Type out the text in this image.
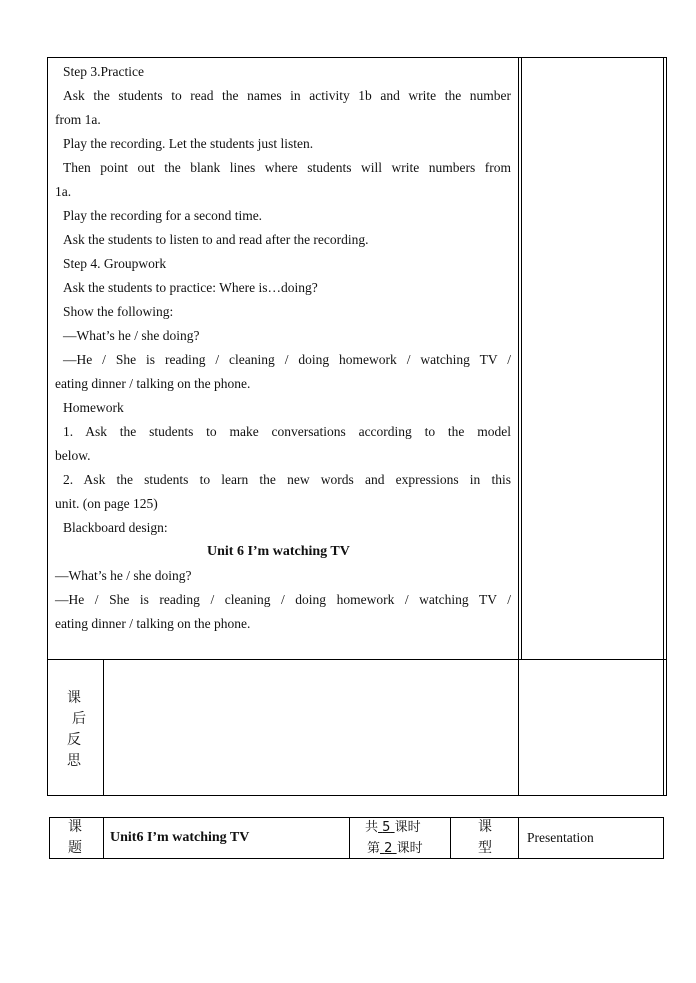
Step 3.Practice
Ask the students to read the names in activity 1b and write the number
from 1a.
Play the recording. Let the students just listen.
Then point out the blank lines where students will write numbers from
1a.
Play the recording for a second time.
Ask the students to listen to and read after the recording.
Step 4. Groupwork
Ask the students to practice: Where is…doing?
Show the following:
—What’s he / she doing?
—He / She is reading / cleaning / doing homework / watching TV /
eating dinner / talking on the phone.
Homework
1. Ask the students to make conversations according to the model
below.
2. Ask the students to learn the new words and expressions in this
unit. (on page 125)
Blackboard design:
Unit 6 I’m watching TV
—What’s he / she doing?
—He / She is reading / cleaning / doing homework / watching TV /
eating dinner / talking on the phone.
课
后
反
思
课
题
Unit6 I’m watching TV
共 5 课时
第 2 课时
课
型
Presentation
